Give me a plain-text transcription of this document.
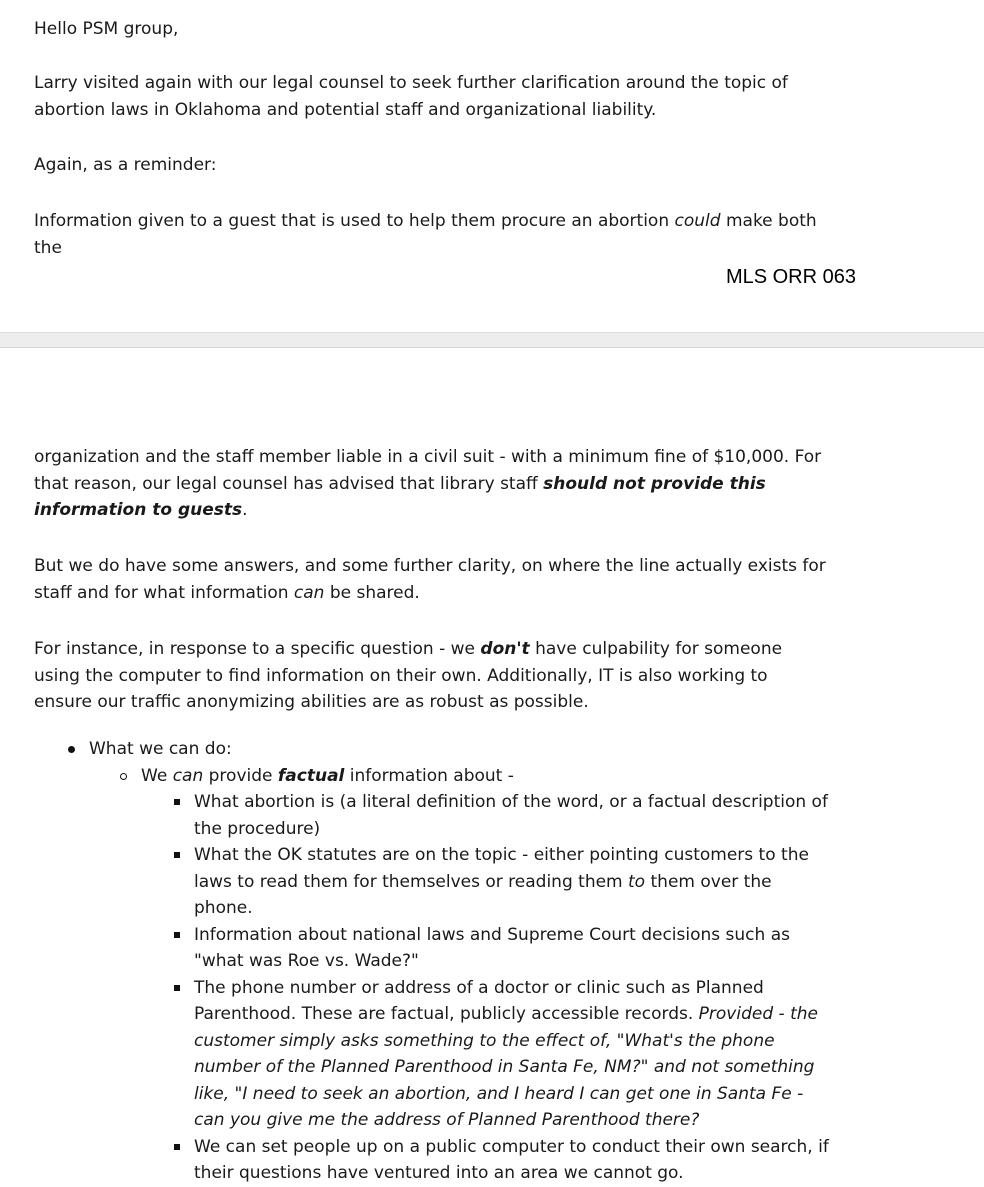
Hello PSM group,

Larry visited again with our legal counsel to seek further clarification around the topic of abortion laws in Oklahoma and potential staff and organizational liability.

Again, as a reminder:

Information given to a guest that is used to help them procure an abortion could make both the

MLS ORR 063

organization and the staff member liable in a civil suit - with a minimum fine of $10,000. For that reason, our legal counsel has advised that library staff should not provide this information to guests.

But we do have some answers, and some further clarity, on where the line actually exists for staff and for what information can be shared.

For instance, in response to a specific question - we don't have culpability for someone using the computer to find information on their own. Additionally, IT is also working to ensure our traffic anonymizing abilities are as robust as possible.

What we can do:
We can provide factual information about -
What abortion is (a literal definition of the word, or a factual description of the procedure)
What the OK statutes are on the topic - either pointing customers to the laws to read them for themselves or reading them to them over the phone.
Information about national laws and Supreme Court decisions such as "what was Roe vs. Wade?"
The phone number or address of a doctor or clinic such as Planned Parenthood. These are factual, publicly accessible records. Provided - the customer simply asks something to the effect of, "What's the phone number of the Planned Parenthood in Santa Fe, NM?" and not something like, "I need to seek an abortion, and I heard I can get one in Santa Fe - can you give me the address of Planned Parenthood there?
We can set people up on a public computer to conduct their own search, if their questions have ventured into an area we cannot go.
